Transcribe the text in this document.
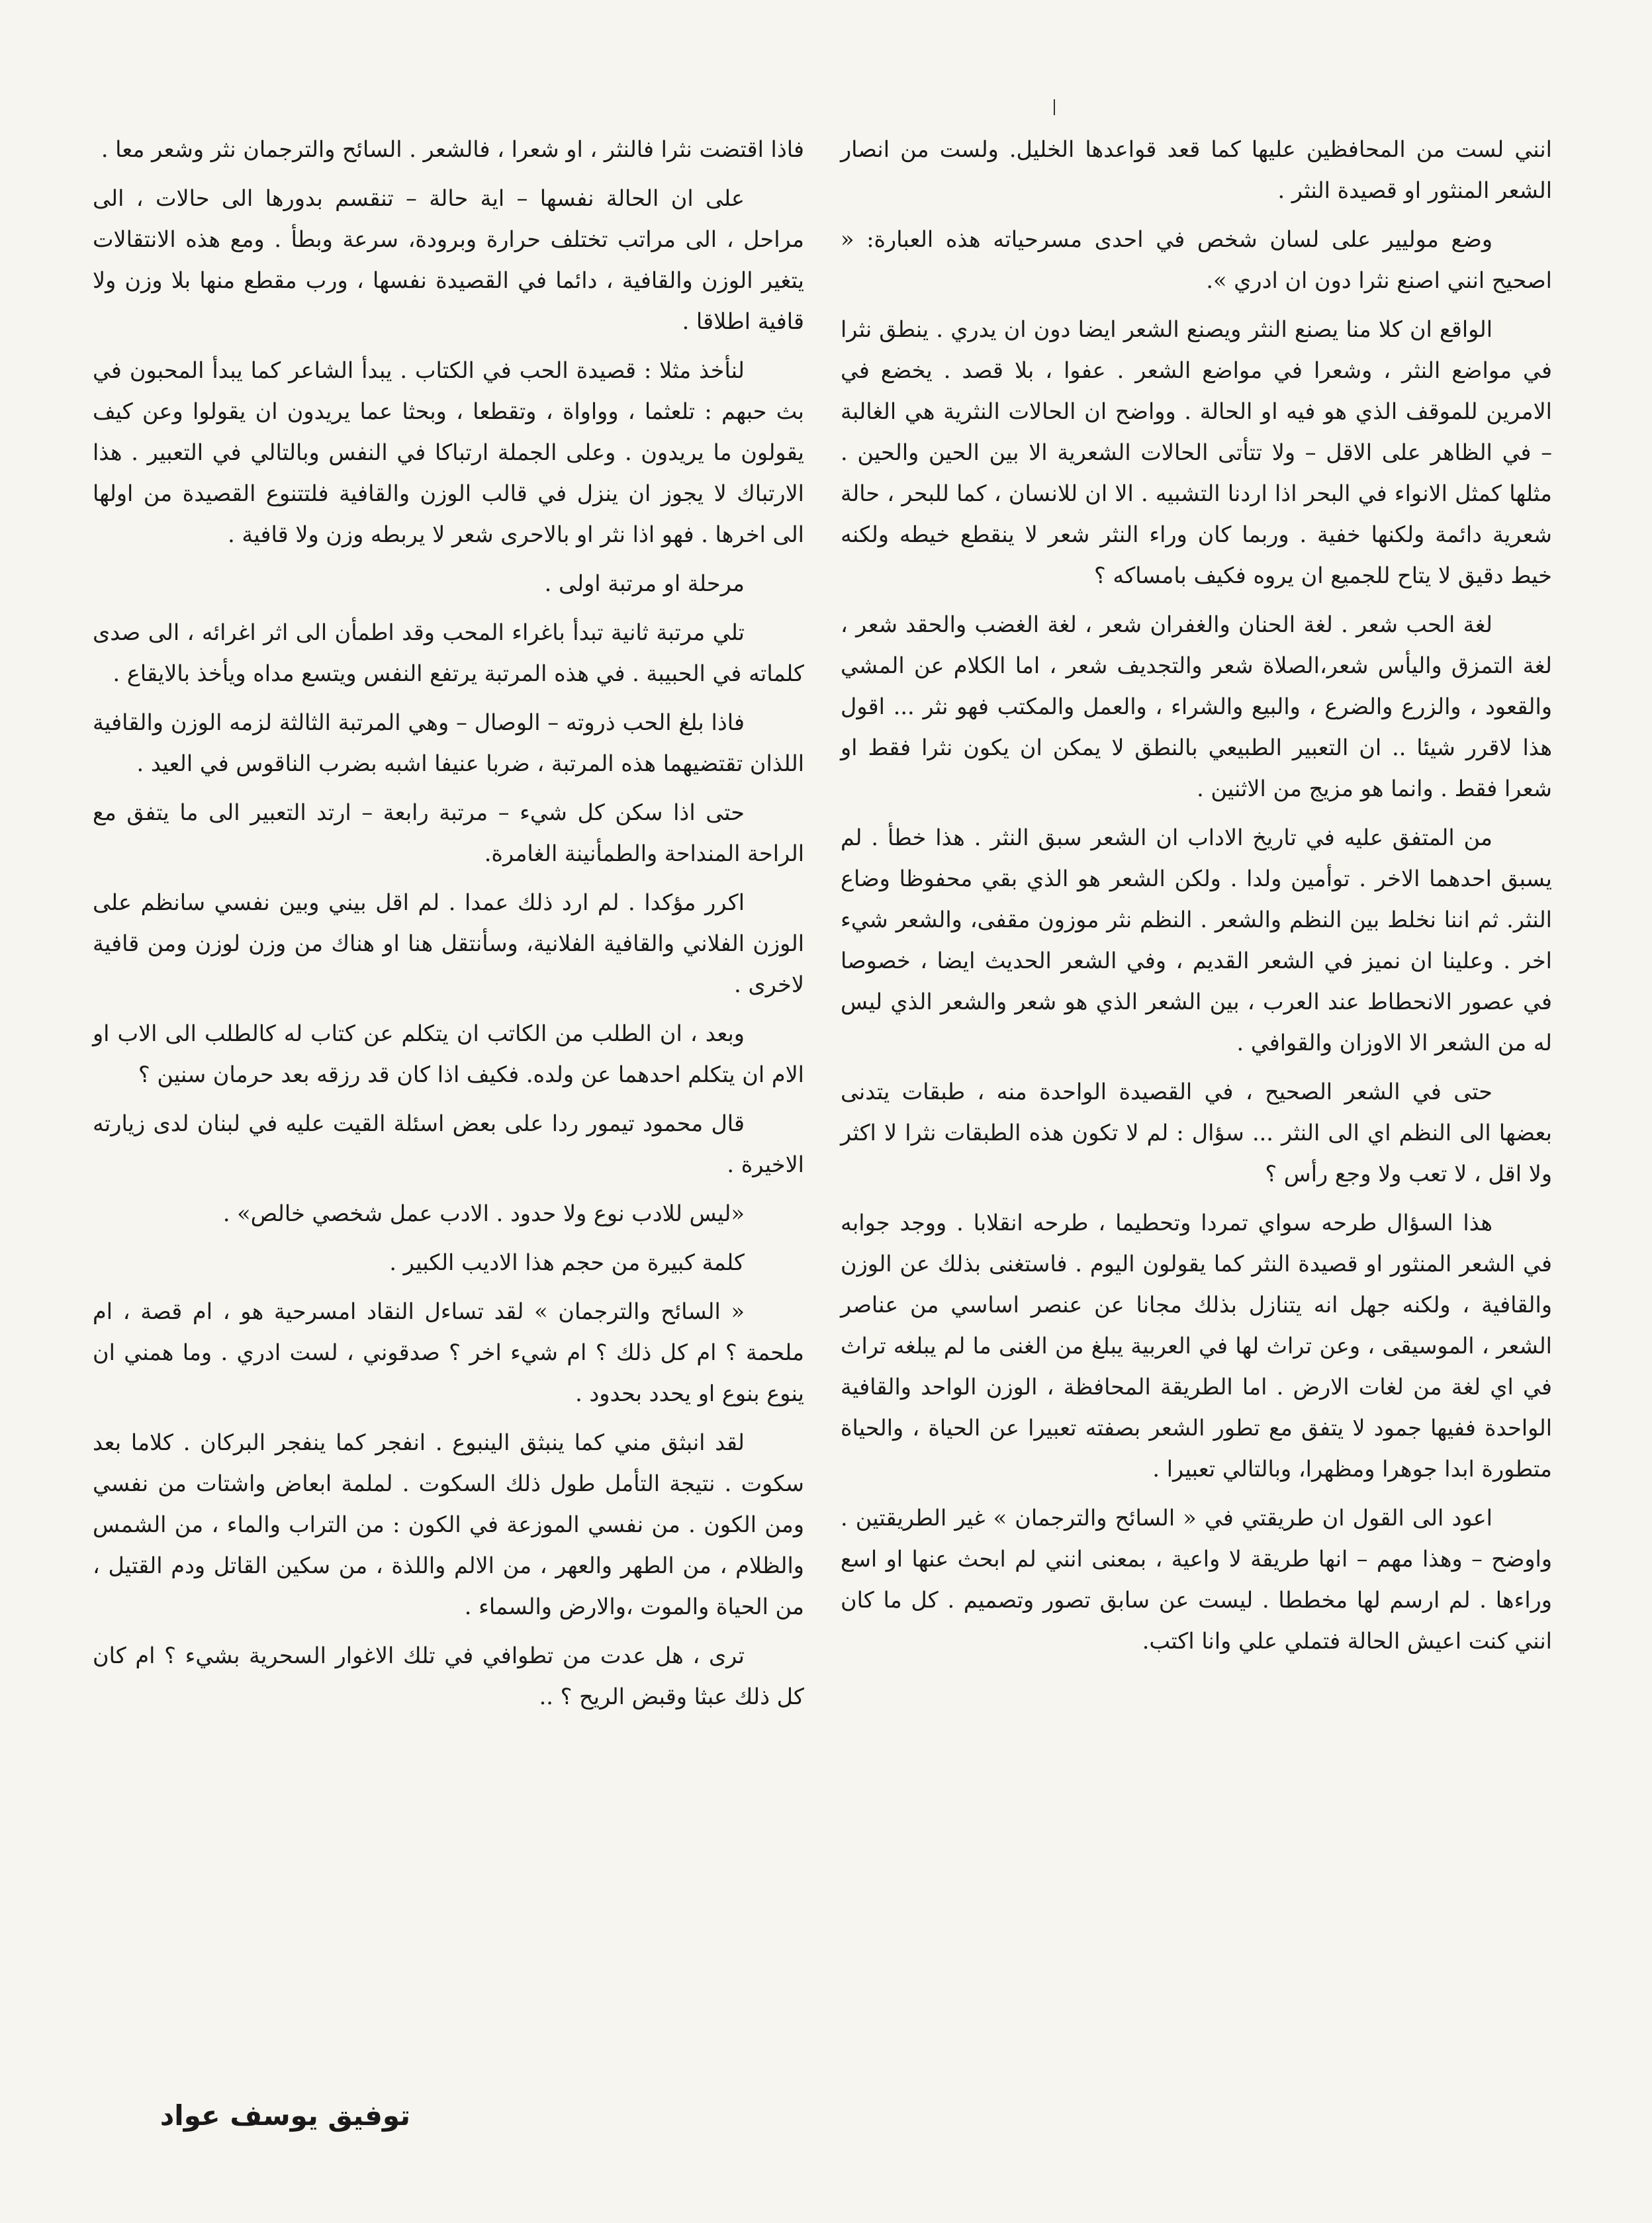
انني لست من المحافظين عليها كما قعد قواعدها الخليل. ولست من انصار الشعر المنثور او قصيدة النثر .

وضع موليير على لسان شخص في احدى مسرحياته هذه العبارة: « اصحيح انني اصنع نثرا دون ان ادري ».

الواقع ان كلا منا يصنع النثر ويصنع الشعر ايضا دون ان يدري . ينطق نثرا في مواضع النثر ، وشعرا في مواضع الشعر . عفوا ، بلا قصد . يخضع في الامرين للموقف الذي هو فيه او الحالة . وواضح ان الحالات النثرية هي الغالبة – في الظاهر على الاقل – ولا تتأتى الحالات الشعرية الا بين الحين والحين . مثلها كمثل الانواء في البحر اذا اردنا التشبيه . الا ان للانسان ، كما للبحر ، حالة شعرية دائمة ولكنها خفية . وربما كان وراء النثر شعر لا ينقطع خيطه ولكنه خيط دقيق لا يتاح للجميع ان يروه فكيف بامساكه ؟

لغة الحب شعر . لغة الحنان والغفران شعر ، لغة الغضب والحقد شعر ، لغة التمزق واليأس شعر،الصلاة شعر والتجديف شعر ، اما الكلام عن المشي والقعود ، والزرع والضرع ، والبيع والشراء ، والعمل والمكتب فهو نثر ... اقول هذا لاقرر شيئا .. ان التعبير الطبيعي بالنطق لا يمكن ان يكون نثرا فقط او شعرا فقط . وانما هو مزيج من الاثنين .

من المتفق عليه في تاريخ الاداب ان الشعر سبق النثر . هذا خطأ . لم يسبق احدهما الاخر . توأمين ولدا . ولكن الشعر هو الذي بقي محفوظا وضاع النثر. ثم اننا نخلط بين النظم والشعر . النظم نثر موزون مقفى، والشعر شيء اخر . وعلينا ان نميز في الشعر القديم ، وفي الشعر الحديث ايضا ، خصوصا في عصور الانحطاط عند العرب ، بين الشعر الذي هو شعر والشعر الذي ليس له من الشعر الا الاوزان والقوافي .

حتى في الشعر الصحيح ، في القصيدة الواحدة منه ، طبقات يتدنى بعضها الى النظم اي الى النثر ... سؤال : لم لا تكون هذه الطبقات نثرا لا اكثر ولا اقل ، لا تعب ولا وجع رأس ؟

هذا السؤال طرحه سواي تمردا وتحطيما ، طرحه انقلابا . ووجد جوابه في الشعر المنثور او قصيدة النثر كما يقولون اليوم . فاستغنى بذلك عن الوزن والقافية ، ولكنه جهل انه يتنازل بذلك مجانا عن عنصر اساسي من عناصر الشعر ، الموسيقى ، وعن تراث لها في العربية يبلغ من الغنى ما لم يبلغه تراث في اي لغة من لغات الارض . اما الطريقة المحافظة ، الوزن الواحد والقافية الواحدة ففيها جمود لا يتفق مع تطور الشعر بصفته تعبيرا عن الحياة ، والحياة متطورة ابدا جوهرا ومظهرا، وبالتالي تعبيرا .

اعود الى القول ان طريقتي في « السائح والترجمان » غير الطريقتين . واوضح – وهذا مهم – انها طريقة لا واعية ، بمعنى انني لم ابحث عنها او اسع وراءها . لم ارسم لها مخططا . ليست عن سابق تصور وتصميم . كل ما كان انني كنت اعيش الحالة فتملي علي وانا اكتب.

فاذا اقتضت نثرا فالنثر ، او شعرا ، فالشعر . السائح والترجمان نثر وشعر معا .

على ان الحالة نفسها – اية حالة – تنقسم بدورها الى حالات ، الى مراحل ، الى مراتب تختلف حرارة وبرودة، سرعة وبطأ . ومع هذه الانتقالات يتغير الوزن والقافية ، دائما في القصيدة نفسها ، ورب مقطع منها بلا وزن ولا قافية اطلاقا .

لنأخذ مثلا : قصيدة الحب في الكتاب . يبدأ الشاعر كما يبدأ المحبون في بث حبهم : تلعثما ، وواواة ، وتقطعا ، وبحثا عما يريدون ان يقولوا وعن كيف يقولون ما يريدون . وعلى الجملة ارتباكا في النفس وبالتالي في التعبير . هذا الارتباك لا يجوز ان ينزل في قالب الوزن والقافية فلتتنوع القصيدة من اولها الى اخرها . فهو اذا نثر او بالاحرى شعر لا يربطه وزن ولا قافية .

مرحلة او مرتبة اولى .

تلي مرتبة ثانية تبدأ باغراء المحب وقد اطمأن الى اثر اغرائه ، الى صدى كلماته في الحبيبة . في هذه المرتبة يرتفع النفس ويتسع مداه ويأخذ بالايقاع .

فاذا بلغ الحب ذروته – الوصال – وهي المرتبة الثالثة لزمه الوزن والقافية اللذان تقتضيهما هذه المرتبة ، ضربا عنيفا اشبه بضرب الناقوس في العيد .

حتى اذا سكن كل شيء – مرتبة رابعة – ارتد التعبير الى ما يتفق مع الراحة المنداحة والطمأنينة الغامرة.

اكرر مؤكدا . لم ارد ذلك عمدا . لم اقل بيني وبين نفسي سانظم على الوزن الفلاني والقافية الفلانية، وسأنتقل هنا او هناك من وزن لوزن ومن قافية لاخرى .

وبعد ، ان الطلب من الكاتب ان يتكلم عن كتاب له كالطلب الى الاب او الام ان يتكلم احدهما عن ولده. فكيف اذا كان قد رزقه بعد حرمان سنين ؟

قال محمود تيمور ردا على بعض اسئلة القيت عليه في لبنان لدى زيارته الاخيرة .

«ليس للادب نوع ولا حدود . الادب عمل شخصي خالص» .

كلمة كبيرة من حجم هذا الاديب الكبير .

« السائح والترجمان » لقد تساءل النقاد امسرحية هو ، ام قصة ، ام ملحمة ؟ ام كل ذلك ؟ ام شيء اخر ؟ صدقوني ، لست ادري . وما همني ان ينوع بنوع او يحدد بحدود .

لقد انبثق مني كما ينبثق الينبوع . انفجر كما ينفجر البركان . كلاما بعد سكوت . نتيجة التأمل طول ذلك السكوت . لملمة ابعاض واشتات من نفسي ومن الكون . من نفسي الموزعة في الكون : من التراب والماء ، من الشمس والظلام ، من الطهر والعهر ، من الالم واللذة ، من سكين القاتل ودم القتيل ، من الحياة والموت ،والارض والسماء .

ترى ، هل عدت من تطوافي في تلك الاغوار السحرية بشيء ؟ ام كان كل ذلك عبثا وقبض الريح ؟ ..

توفيق يوسف عواد
